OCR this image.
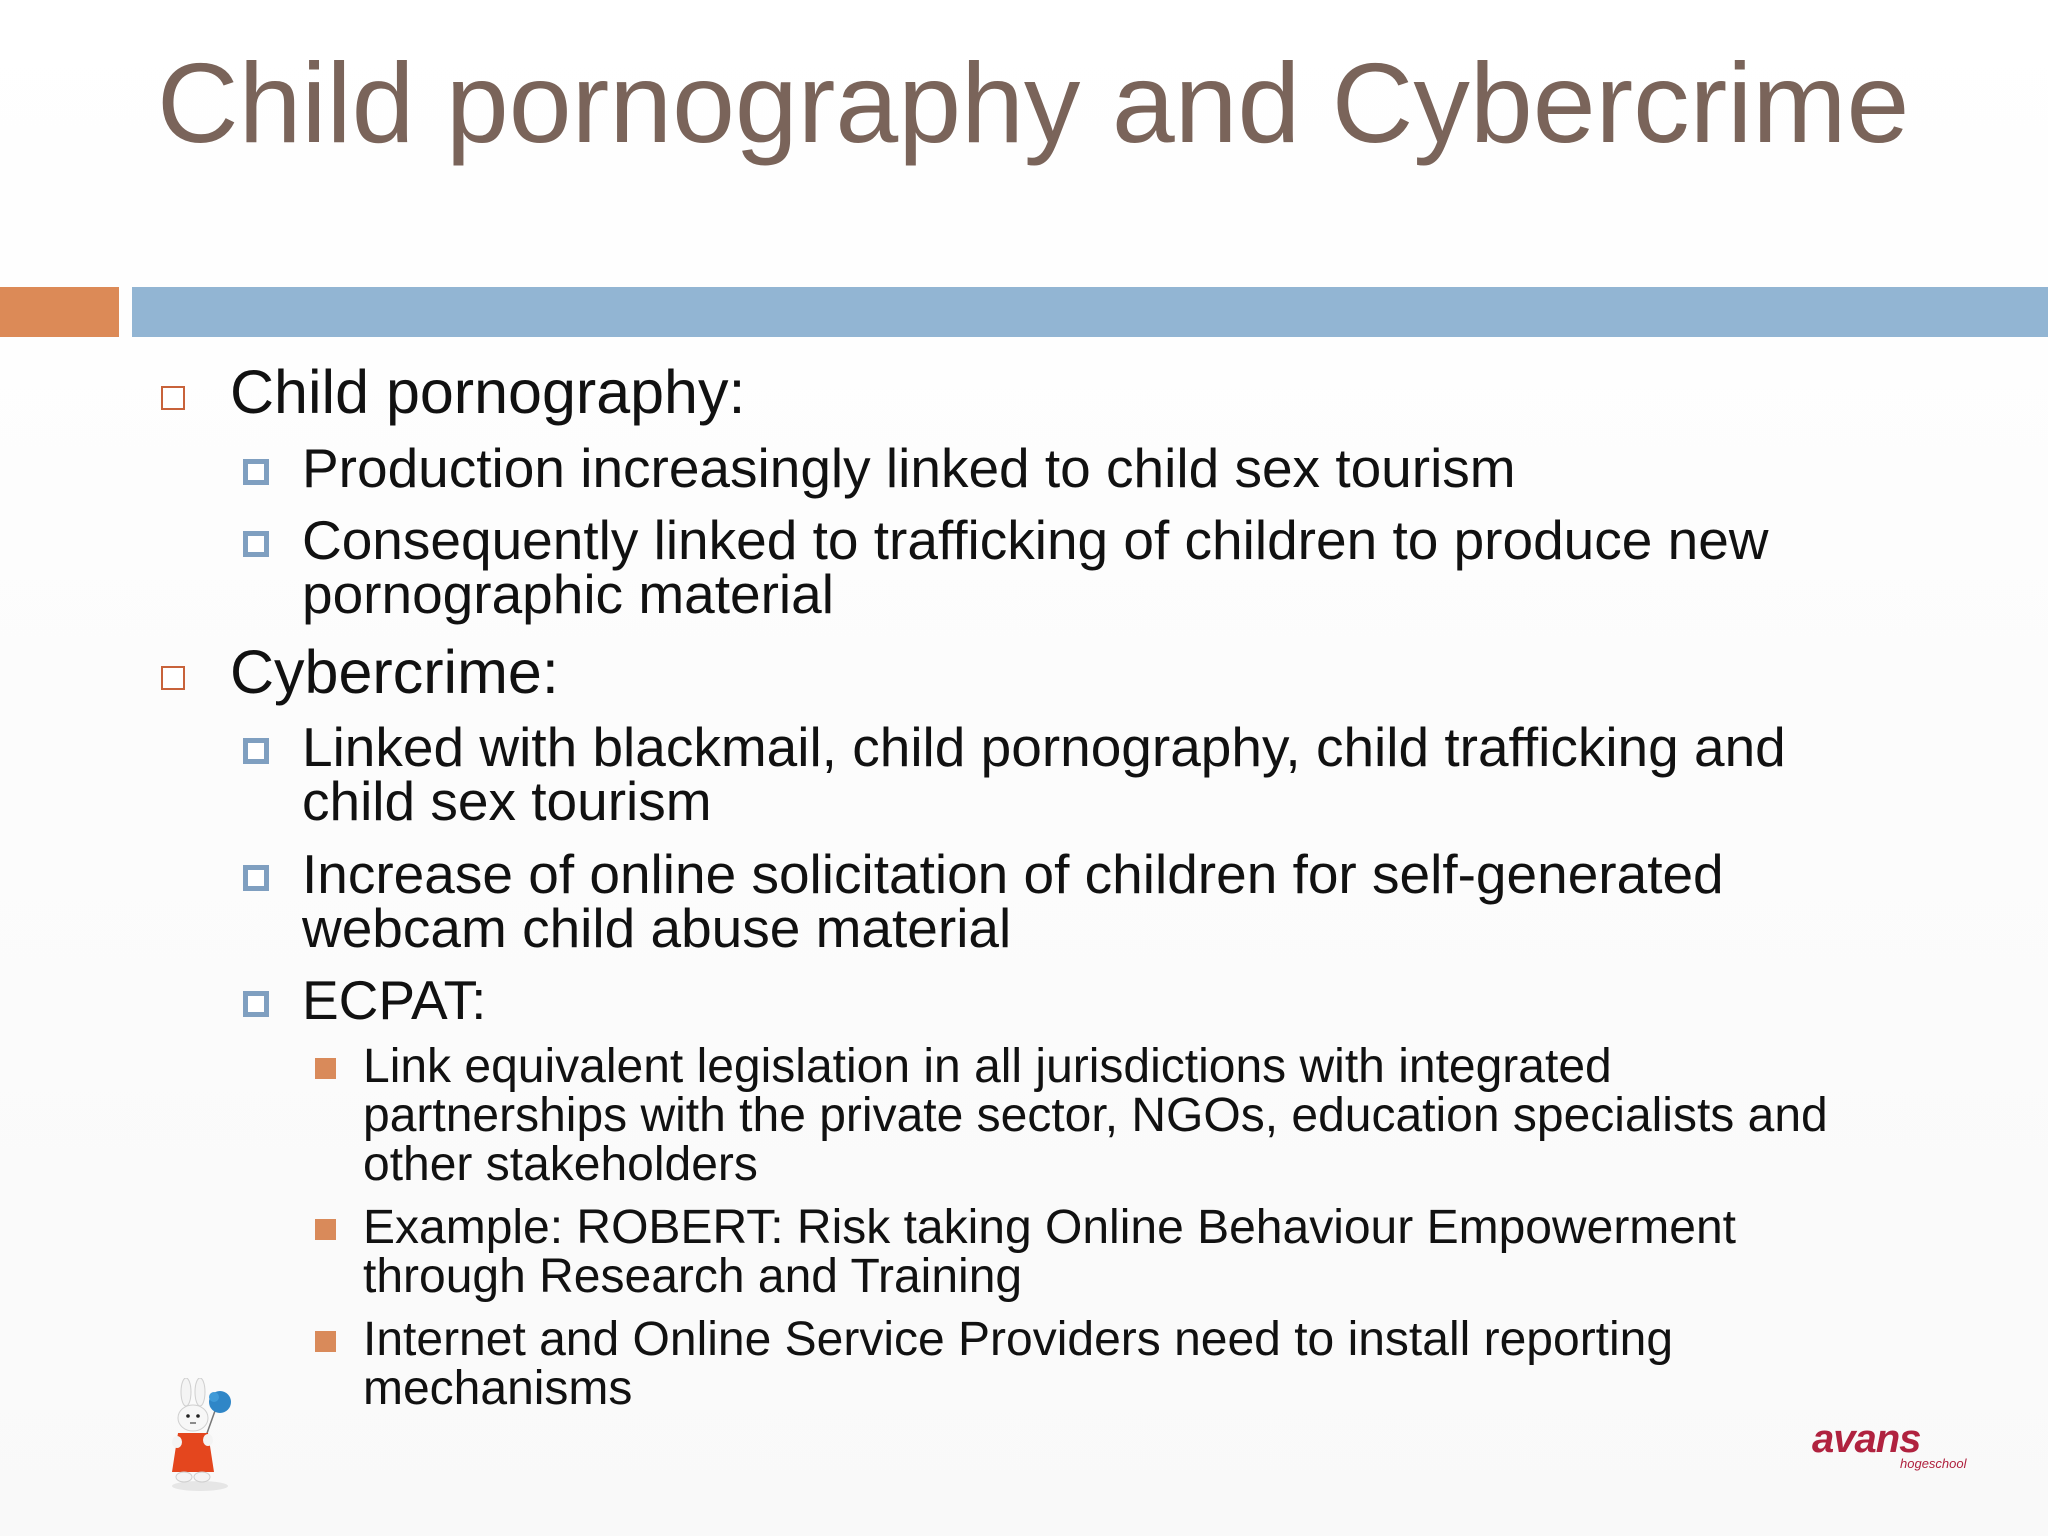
Child pornography and Cybercrime
Child pornography:
Production increasingly linked to child sex tourism
Consequently linked to trafficking of children to produce new
pornographic material
Cybercrime:
Linked with blackmail, child pornography, child trafficking and
child sex tourism
Increase of online solicitation of children for self-generated
webcam child abuse material
ECPAT:
Link equivalent legislation in all jurisdictions with integrated
partnerships with the private sector, NGOs, education specialists and
other stakeholders
Example: ROBERT: Risk taking Online Behaviour Empowerment
through Research and Training
Internet and Online Service Providers need to install reporting
mechanisms
avans
hogeschool
